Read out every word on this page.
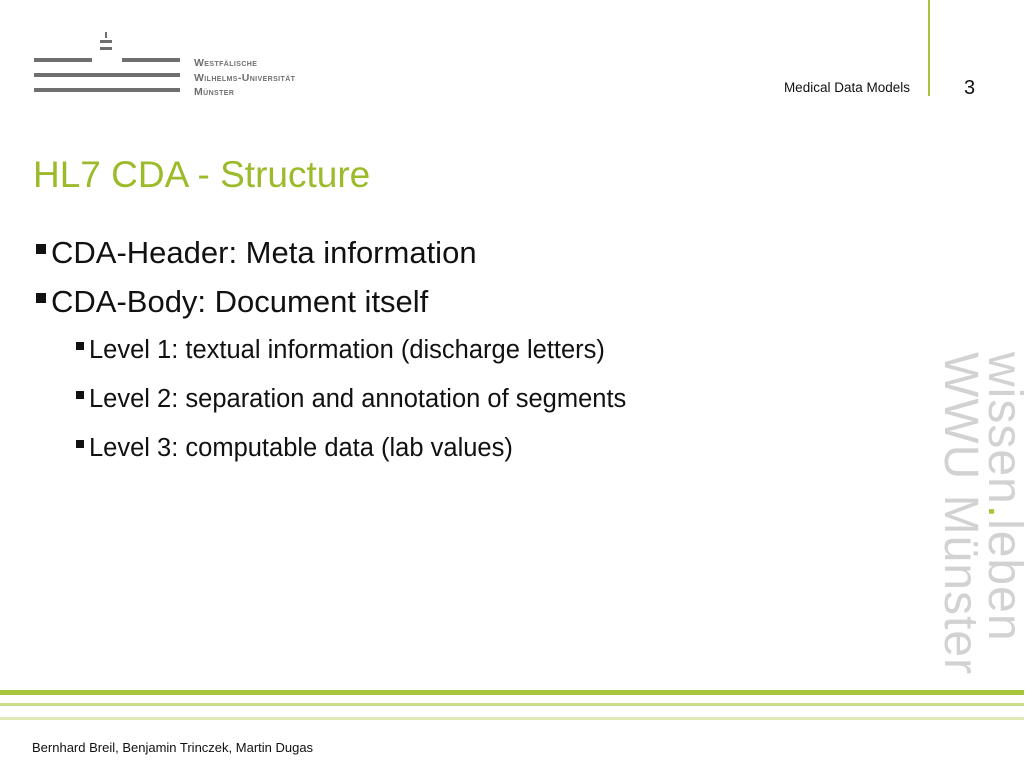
Westfälische
Wilhelms-Universität
Münster	Medical Data Models	3
HL7 CDA - Structure
CDA-Header: Meta information
CDA-Body: Document itself
Level 1: textual information (discharge letters)
Level 2: separation and annotation of segments
Level 3: computable data (lab values)	wissen.leben
WWU Münster
Bernhard Breil, Benjamin Trinczek, Martin Dugas
